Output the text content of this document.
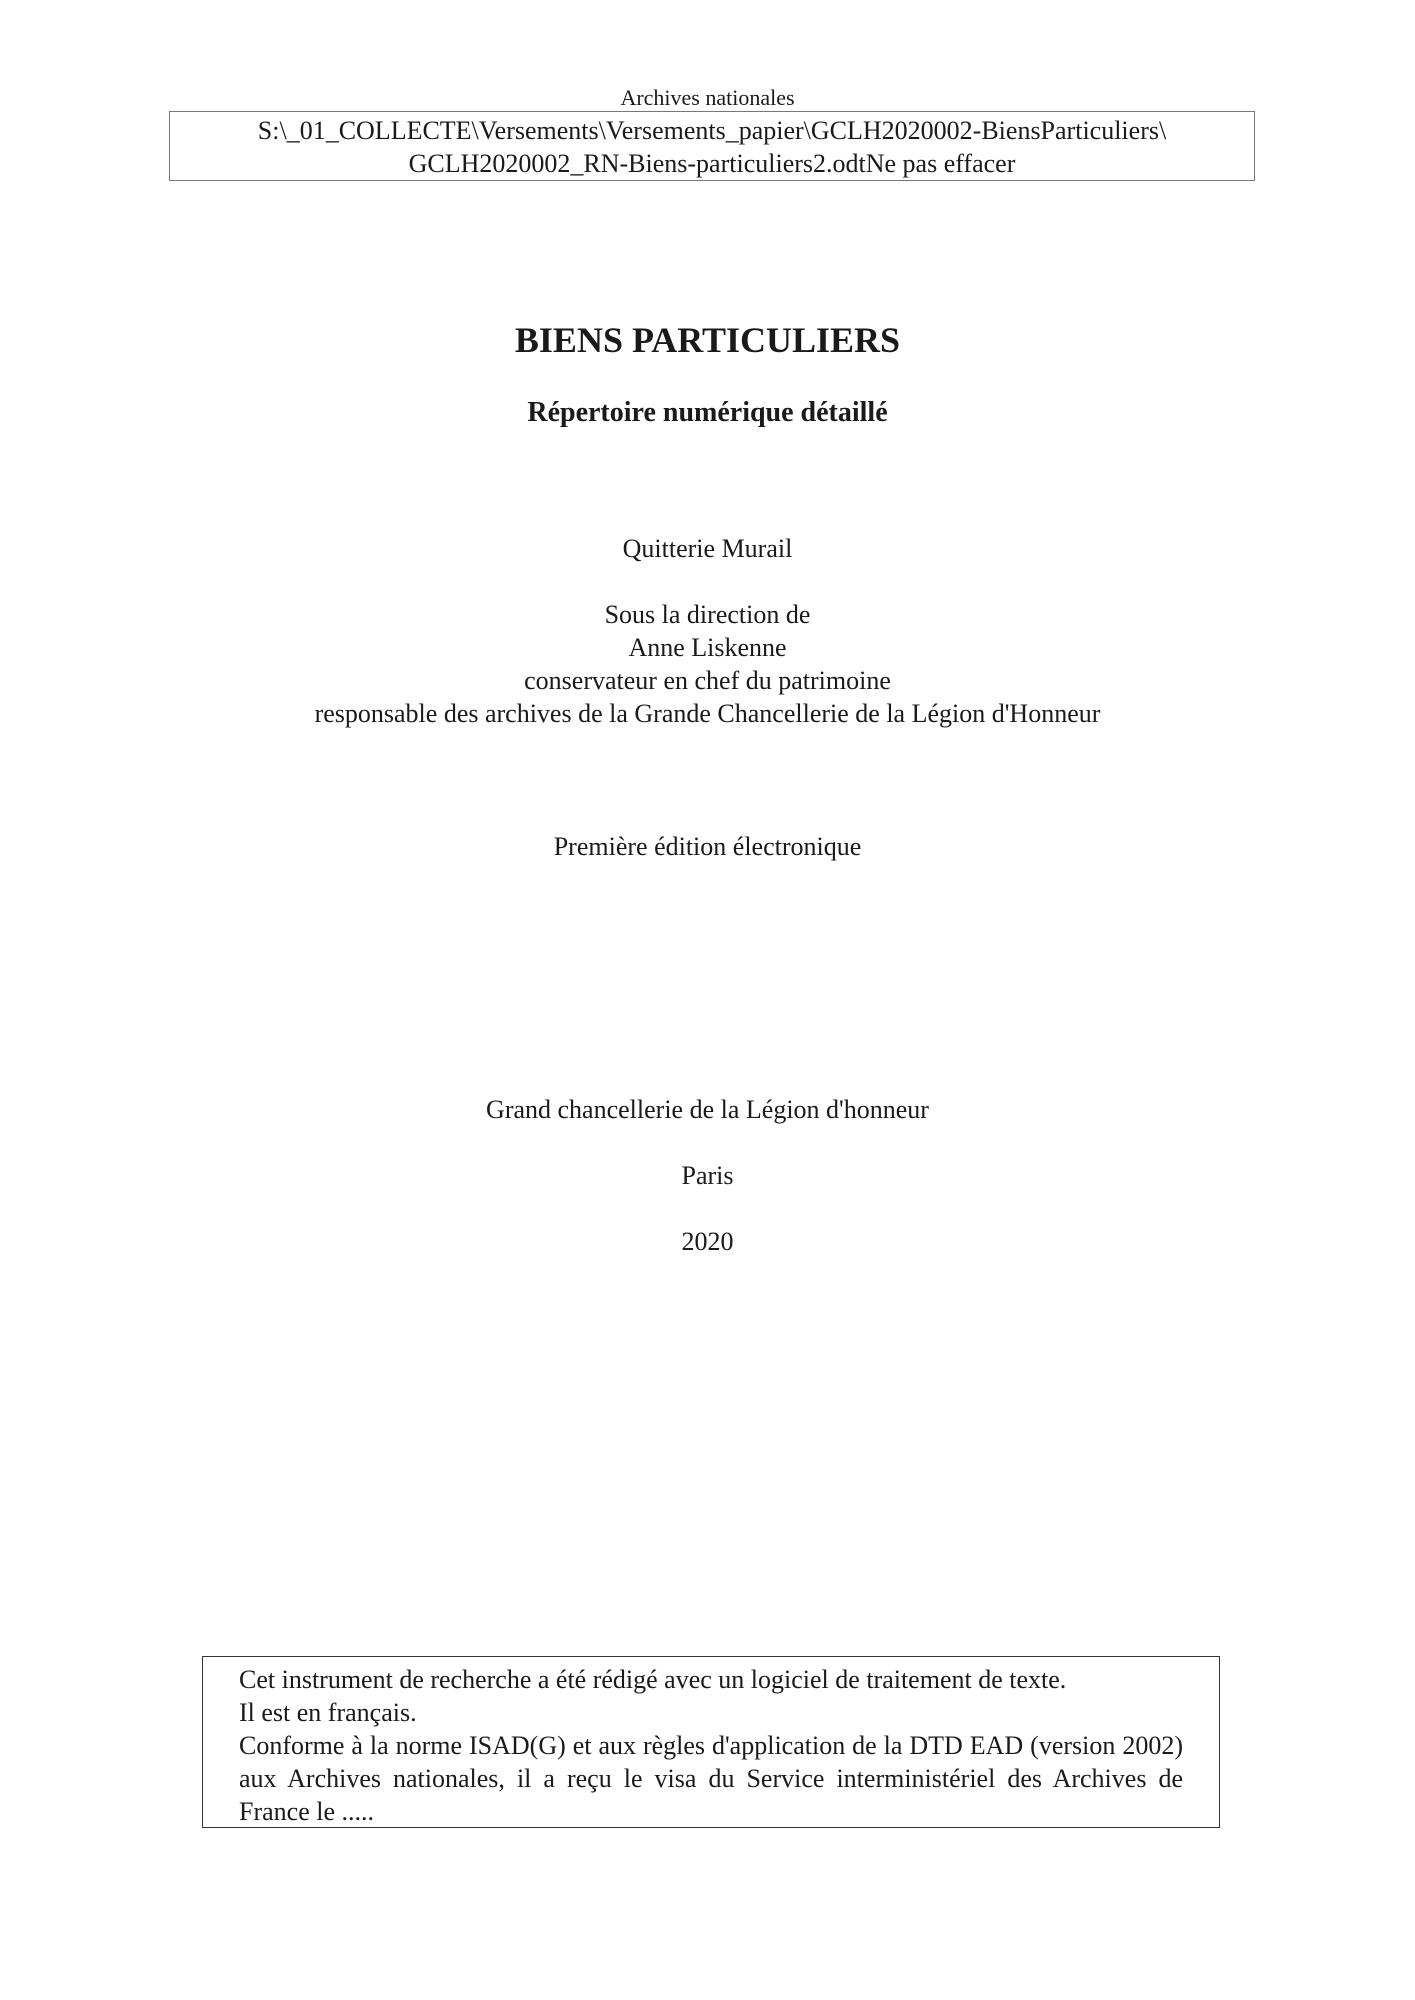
Archives nationales
S:\_01_COLLECTE\Versements\Versements_papier\GCLH2020002-BiensParticuliers\
GCLH2020002_RN-Biens-particuliers2.odtNe pas effacer
BIENS PARTICULIERS
Répertoire numérique détaillé
Quitterie Murail
Sous la direction de
Anne Liskenne
conservateur en chef du patrimoine
responsable des archives de la Grande Chancellerie de la Légion d'Honneur
Première édition électronique
Grand chancellerie de la Légion d'honneur
Paris
2020
Cet instrument de recherche a été rédigé avec un logiciel de traitement de texte.
Il est en français.
Conforme à la norme ISAD(G) et aux règles d'application de la DTD EAD (version 2002) aux Archives nationales, il a reçu le visa du Service interministériel des Archives de France le .....
